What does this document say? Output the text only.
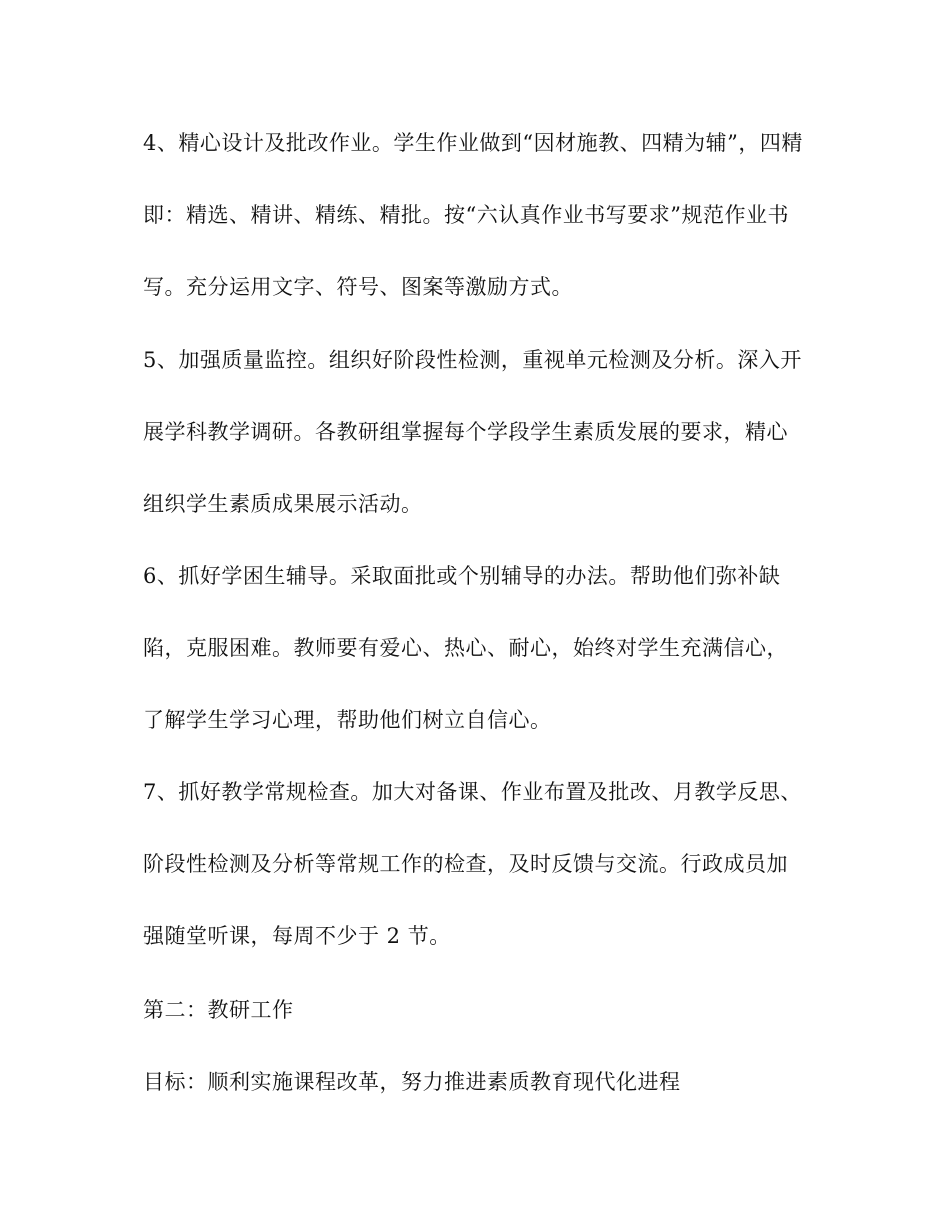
4、精心设计及批改作业。学生作业做到“因材施教、四精为辅”，四精
即：精选、精讲、精练、精批。按“六认真作业书写要求”规范作业书
写。充分运用文字、符号、图案等激励方式。
5、加强质量监控。组织好阶段性检测，重视单元检测及分析。深入开
展学科教学调研。各教研组掌握每个学段学生素质发展的要求，精心
组织学生素质成果展示活动。
6、抓好学困生辅导。采取面批或个别辅导的办法。帮助他们弥补缺
陷，克服困难。教师要有爱心、热心、耐心，始终对学生充满信心，
了解学生学习心理，帮助他们树立自信心。
7、抓好教学常规检查。加大对备课、作业布置及批改、月教学反思、
阶段性检测及分析等常规工作的检查，及时反馈与交流。行政成员加
强随堂听课，每周不少于 2 节。
第二：教研工作
目标：顺利实施课程改革，努力推进素质教育现代化进程
